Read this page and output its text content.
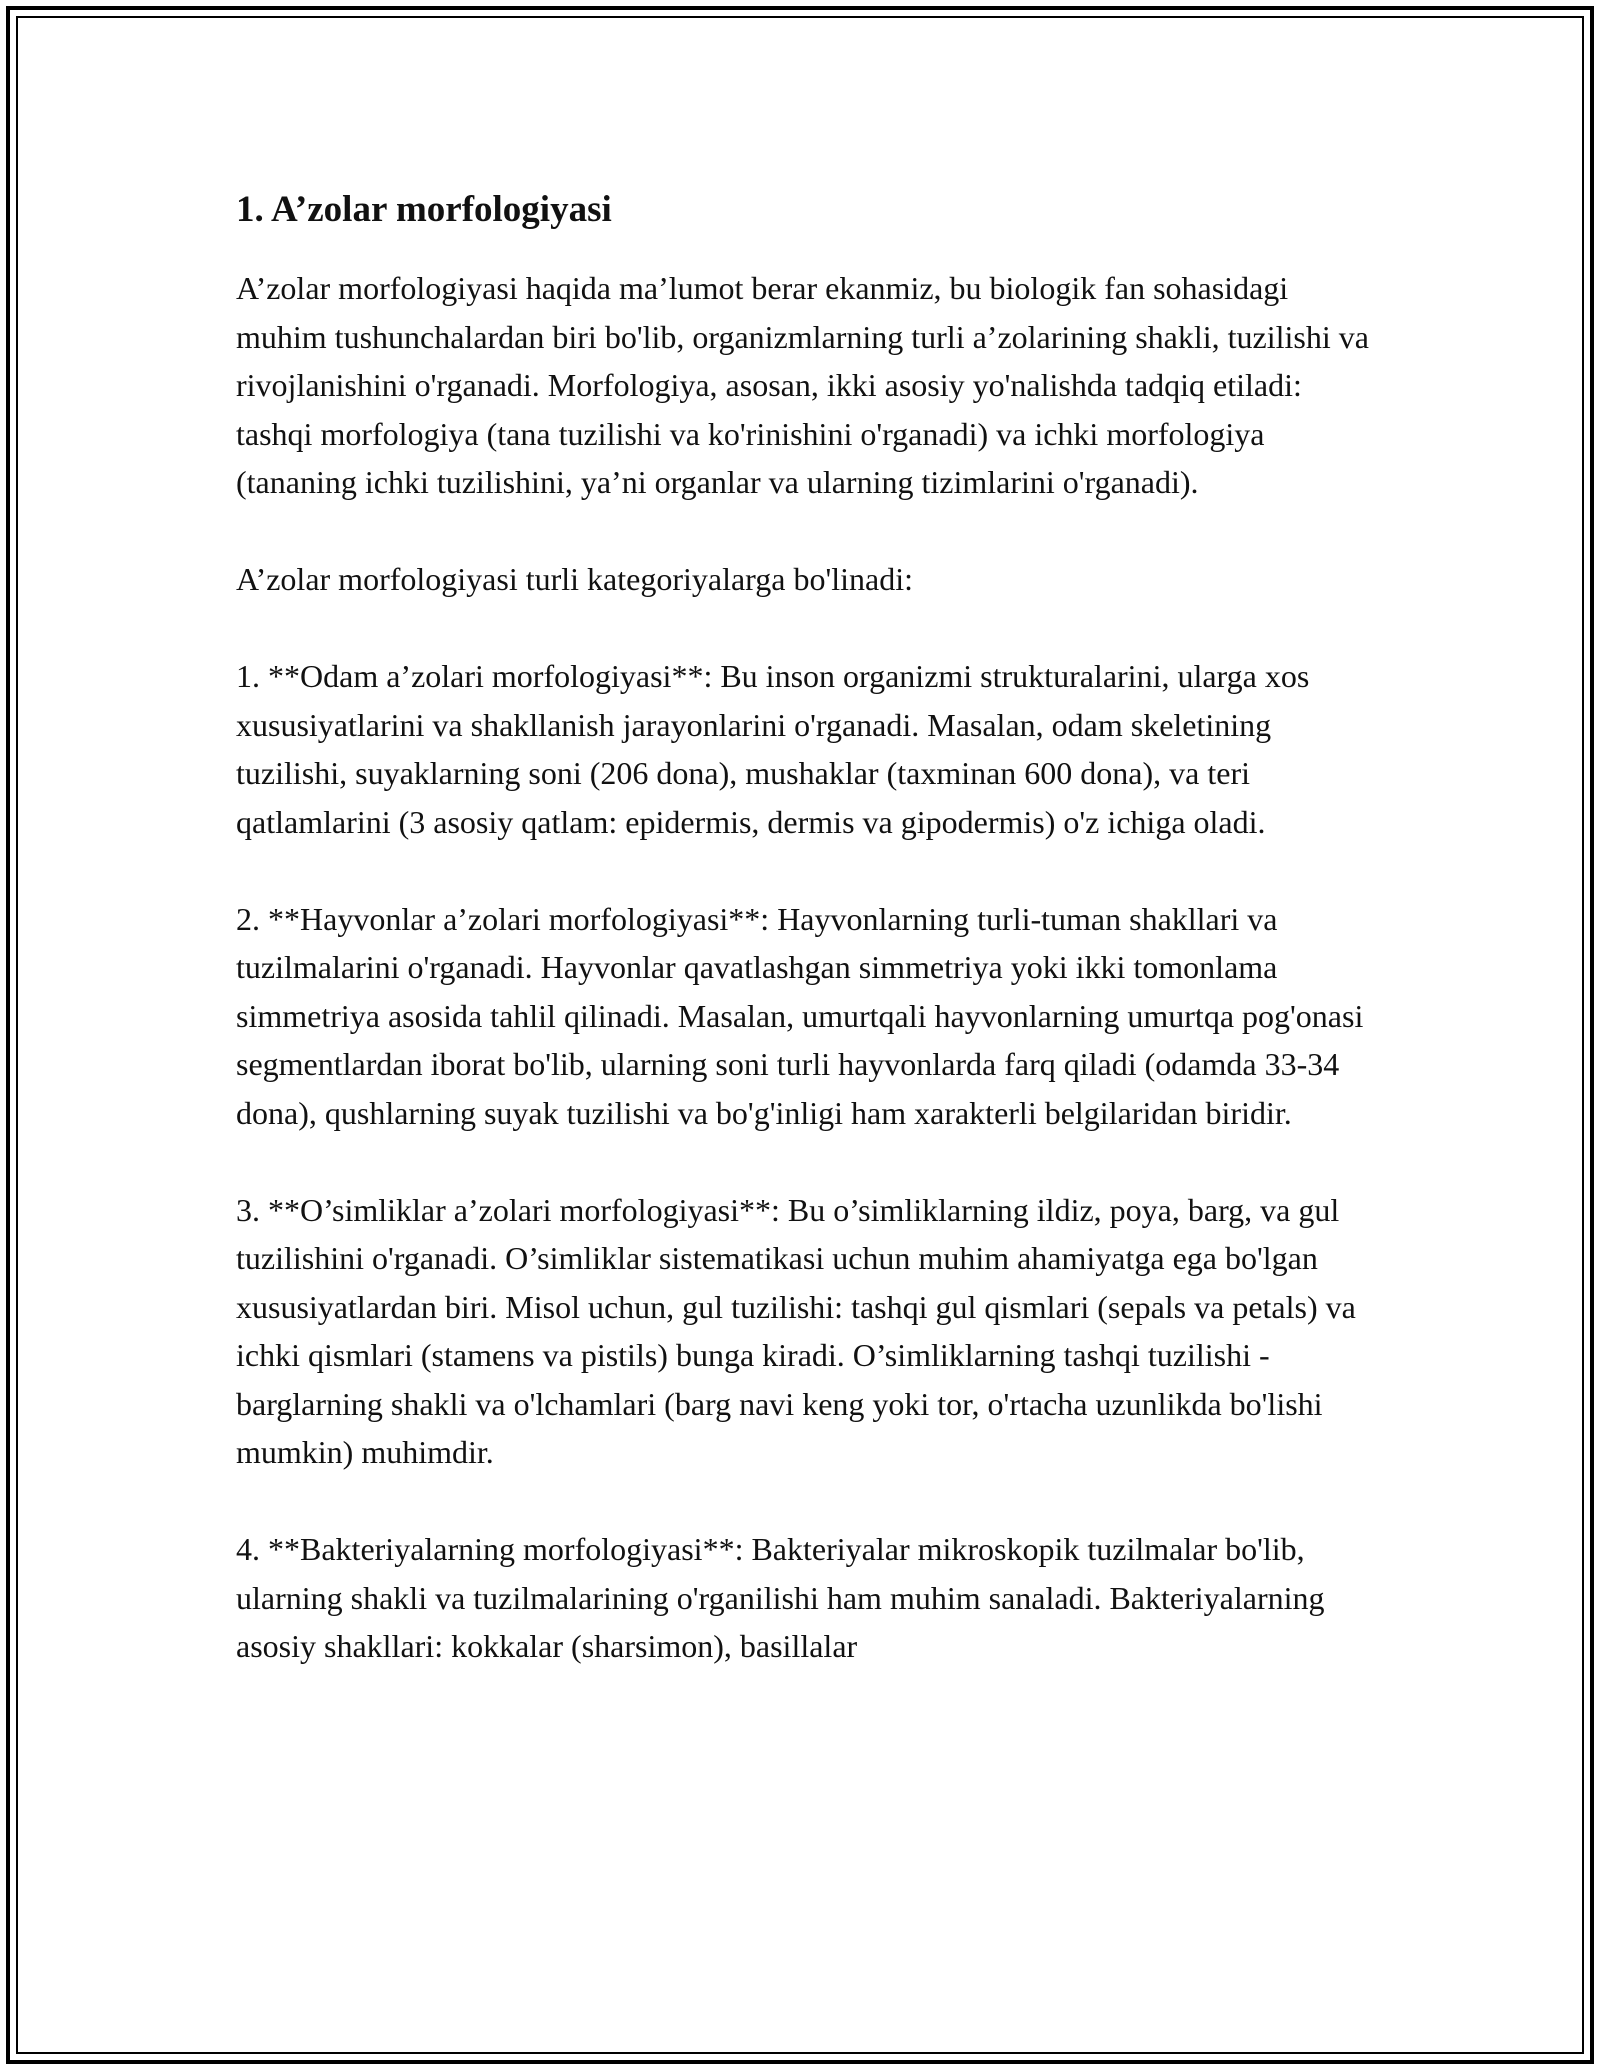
1. A’zolar morfologiyasi

A’zolar morfologiyasi haqida ma’lumot berar ekanmiz, bu biologik fan sohasidagi muhim tushunchalardan biri bo'lib, organizmlarning turli a’zolarining shakli, tuzilishi va rivojlanishini o'rganadi. Morfologiya, asosan, ikki asosiy yo'nalishda tadqiq etiladi: tashqi morfologiya (tana tuzilishi va ko'rinishini o'rganadi) va ichki morfologiya (tananing ichki tuzilishini, ya’ni organlar va ularning tizimlarini o'rganadi).

A’zolar morfologiyasi turli kategoriyalarga bo'linadi:

1. **Odam a’zolari morfologiyasi**: Bu inson organizmi strukturalarini, ularga xos xususiyatlarini va shakllanish jarayonlarini o'rganadi. Masalan, odam skeletining tuzilishi, suyaklarning soni (206 dona), mushaklar (taxminan 600 dona), va teri qatlamlarini (3 asosiy qatlam: epidermis, dermis va gipodermis) o'z ichiga oladi.

2. **Hayvonlar a’zolari morfologiyasi**: Hayvonlarning turli-tuman shakllari va tuzilmalarini o'rganadi. Hayvonlar qavatlashgan simmetriya yoki ikki tomonlama simmetriya asosida tahlil qilinadi. Masalan, umurtqali hayvonlarning umurtqa pog'onasi segmentlardan iborat bo'lib, ularning soni turli hayvonlarda farq qiladi (odamda 33-34 dona), qushlarning suyak tuzilishi va bo'g'inligi ham xarakterli belgilaridan biridir.

3. **O’simliklar a’zolari morfologiyasi**: Bu o’simliklarning ildiz, poya, barg, va gul tuzilishini o'rganadi. O’simliklar sistematikasi uchun muhim ahamiyatga ega bo'lgan xususiyatlardan biri. Misol uchun, gul tuzilishi: tashqi gul qismlari (sepals va petals) va ichki qismlari (stamens va pistils) bunga kiradi. O’simliklarning tashqi tuzilishi - barglarning shakli va o'lchamlari (barg navi keng yoki tor, o'rtacha uzunlikda bo'lishi mumkin) muhimdir.

4. **Bakteriyalarning morfologiyasi**: Bakteriyalar mikroskopik tuzilmalar bo'lib, ularning shakli va tuzilmalarining o'rganilishi ham muhim sanaladi. Bakteriyalarning asosiy shakllari: kokkalar (sharsimon), basillalar
